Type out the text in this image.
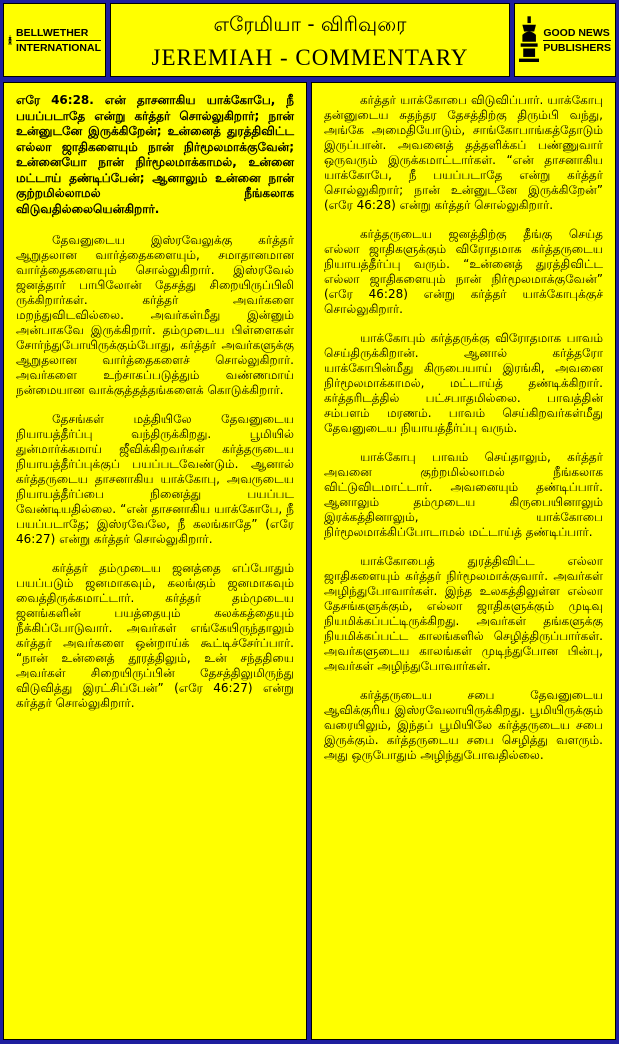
BELLWETHER
INTERNATIONAL
எரேமியா - விரிவுரை
JEREMIAH - COMMENTARY
GOOD NEWS
PUBLISHERS

எரே 46:28. என் தாசனாகிய யாக்கோபே, நீ பயப்படாதே என்று கர்த்தர் சொல்லுகிறார்; நான் உன்னுடனே இருக்கிறேன்; உன்னைத் துரத்திவிட்ட எல்லா ஜாதிகளையும் நான் நிர்மூலமாக்குவேன்; உன்னையோ நான் நிர்மூலமாக்காமல், உன்னை மட்டாய் தண்டிப்பேன்; ஆனாலும் உன்னை நான் குற்றமில்லாமல் நீங்கலாக விடுவதில்லையென்கிறார்.

தேவனுடைய இஸ்ரவேலுக்கு கர்த்தர் ஆறுதலான வார்த்தைகளையும், சமாதானமான வார்த்தைகளையும் சொல்லுகிறார். இஸ்ரவேல் ஜனத்தார் பாபிலோன் தேசத்து சிறையிருப்பிலி ருக்கிறார்கள். கர்த்தர் அவர்களை மறந்துவிடவில்லை. அவர்கள்மீது இன்னும் அன்பாகவே இருக்கிறார். தம்முடைய பிள்ளைகள் சோர்ந்துபோயிருக்கும்போது, கர்த்தர் அவர்களுக்கு ஆறுதலான வார்த்தைகளைச் சொல்லுகிறார். அவர்களை உற்சாகப்படுத்தும் வண்ணமாய் நன்மையான வாக்குத்தத்தங்களைக் கொடுக்கிறார்.

தேசங்கள் மத்தியிலே தேவனுடைய நியாயத்தீர்ப்பு வந்திருக்கிறது. பூமியில் துன்மார்க்கமாய் ஜீவிக்கிறவர்கள் கர்த்தருடைய நியாயத்தீர்ப்புக்குப் பயப்படவேண்டும். ஆனால் கர்த்தருடைய தாசனாகிய யாக்கோபு, அவருடைய நியாயத்தீர்ப்பை நினைத்து பயப்பட வேண்டியதில்லை. “என் தாசனாகிய யாக்கோபே, நீ பயப்படாதே; இஸ்ரவேலே, நீ கலங்காதே” (எரே 46:27) என்று கர்த்தர் சொல்லுகிறார்.

கர்த்தர் தம்முடைய ஜனத்தை எப்போதும் பயப்படும் ஜனமாகவும், கலங்கும் ஜனமாகவும் வைத்திருக்கமாட்டார். கர்த்தர் தம்முடைய ஜனங்களின் பயத்தையும் கலக்கத்தையும் நீக்கிப்போடுவார். அவர்கள் எங்கேயிருந்தாலும் கர்த்தர் அவர்களை ஒன்றாய்க் கூட்டிச்சேர்ப்பார். “நான் உன்னைத் தூரத்திலும், உன் சந்ததியை அவர்கள் சிறையிருப்பின் தேசத்திலுமிருந்து விடுவித்து இரட்சிப்பேன்” (எரே 46:27) என்று கர்த்தர் சொல்லுகிறார்.

கர்த்தர் யாக்கோபை விடுவிப்பார். யாக்கோபு தன்னுடைய சுதந்தர தேசத்திற்கு திரும்பி வந்து, அங்கே அமைதியோடும், சாங்கோபாங்கத்தோடும் இருப்பான். அவனைத் தத்தளிக்கப் பண்ணுவார் ஒருவரும் இருக்கமாட்டார்கள். “என் தாசனாகிய யாக்கோபே, நீ பயப்படாதே என்று கர்த்தர் சொல்லுகிறார்; நான் உன்னுடனே இருக்கிறேன்” (எரே 46:28) என்று கர்த்தர் சொல்லுகிறார்.

கர்த்தருடைய ஜனத்திற்கு தீங்கு செய்த எல்லா ஜாதிகளுக்கும் விரோதமாக கர்த்தருடைய நியாயத்தீர்ப்பு வரும். “உன்னைத் துரத்திவிட்ட எல்லா ஜாதிகளையும் நான் நிர்மூலமாக்குவேன்” (எரே 46:28) என்று கர்த்தர் யாக்கோபுக்குச் சொல்லுகிறார்.

யாக்கோபும் கர்த்தருக்கு விரோதமாக பாவம் செய்திருக்கிறான். ஆனால் கர்த்தரோ யாக்கோபின்மீது கிருபையாய் இரங்கி, அவனை நிர்மூலமாக்காமல், மட்டாய்த் தண்டிக்கிறார். கர்த்தரிடத்தில் பட்சபாதமில்லை. பாவத்தின் சம்பளம் மரணம். பாவம் செய்கிறவர்கள்மீது தேவனுடைய நியாயத்தீர்ப்பு வரும்.

யாக்கோபு பாவம் செய்தாலும், கர்த்தர் அவனை குற்றமில்லாமல் நீங்கலாக விட்டுவிடமாட்டார். அவனையும் தண்டிப்பார். ஆனாலும் தம்முடைய கிருபையினாலும் இரக்கத்தினாலும், யாக்கோபை நிர்மூலமாக்கிப்போடாமல் மட்டாய்த் தண்டிப்பார்.

யாக்கோபைத் துரத்திவிட்ட எல்லா ஜாதிகளையும் கர்த்தர் நிர்மூலமாக்குவார். அவர்கள் அழிந்துபோவார்கள். இந்த உலகத்திலுள்ள எல்லா தேசங்களுக்கும், எல்லா ஜாதிகளுக்கும் முடிவு நியமிக்கப்பட்டிருக்கிறது. அவர்கள் தங்களுக்கு நியமிக்கப்பட்ட காலங்களில் செழித்திருப்பார்கள். அவர்களுடைய காலங்கள் முடிந்துபோன பின்பு, அவர்கள் அழிந்துபோவார்கள்.

கர்த்தருடைய சபை தேவனுடைய ஆவிக்குரிய இஸ்ரவேலாயிருக்கிறது. பூமியிருக்கும் வரையிலும், இந்தப் பூமியிலே கர்த்தருடைய சபை இருக்கும். கர்த்தருடைய சபை செழித்து வளரும். அது ஒருபோதும் அழிந்துபோவதில்லை.
